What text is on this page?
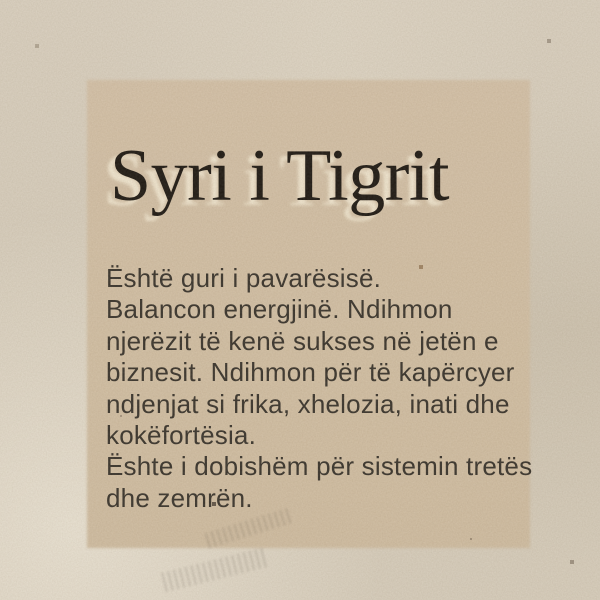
Syri i Tigrit
Është guri i pavarësisë.
Balancon energjinë. Ndihmon
njerëzit të kenë sukses në jetën e
biznesit. Ndihmon për të kapërcyer
ndjenjat si frika, xhelozia, inati dhe
kokëfortësia.
Ështe i dobishëm për sistemin tretës
dhe zemrën.
